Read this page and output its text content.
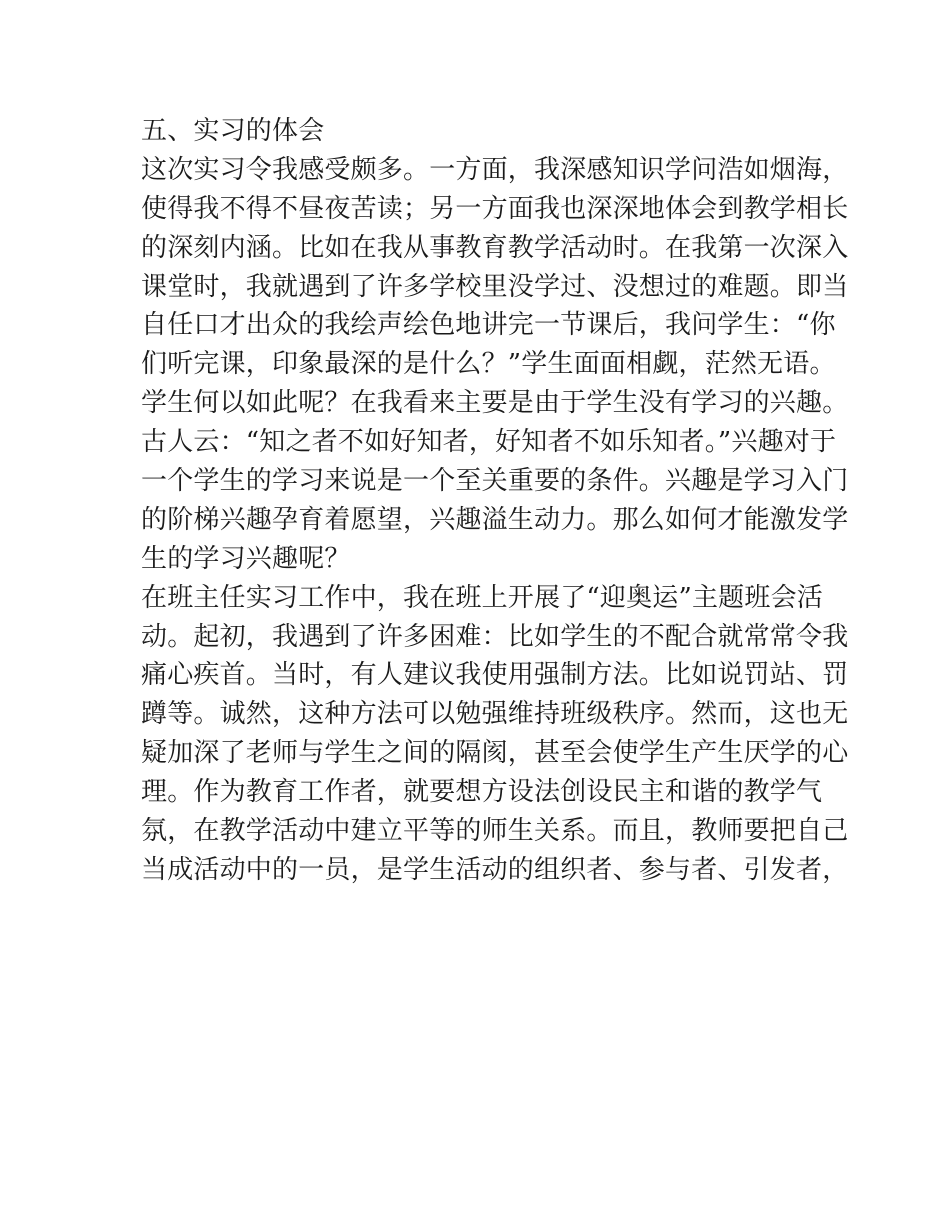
五、实习的体会
这次实习令我感受颇多。一方面，我深感知识学问浩如烟海，
使得我不得不昼夜苦读；另一方面我也深深地体会到教学相长
的深刻内涵。比如在我从事教育教学活动时。在我第一次深入
课堂时，我就遇到了许多学校里没学过、没想过的难题。即当
自任口才出众的我绘声绘色地讲完一节课后，我问学生：“你
们听完课，印象最深的是什么？”学生面面相觑，茫然无语。
学生何以如此呢？在我看来主要是由于学生没有学习的兴趣。
古人云：“知之者不如好知者，好知者不如乐知者。”兴趣对于
一个学生的学习来说是一个至关重要的条件。兴趣是学习入门
的阶梯兴趣孕育着愿望，兴趣溢生动力。那么如何才能激发学
生的学习兴趣呢？
在班主任实习工作中，我在班上开展了“迎奥运”主题班会活
动。起初，我遇到了许多困难：比如学生的不配合就常常令我
痛心疾首。当时，有人建议我使用强制方法。比如说罚站、罚
蹲等。诚然，这种方法可以勉强维持班级秩序。然而，这也无
疑加深了老师与学生之间的隔阂，甚至会使学生产生厌学的心
理。作为教育工作者，就要想方设法创设民主和谐的教学气
氛，在教学活动中建立平等的师生关系。而且，教师要把自己
当成活动中的一员，是学生活动的组织者、参与者、引发者，
